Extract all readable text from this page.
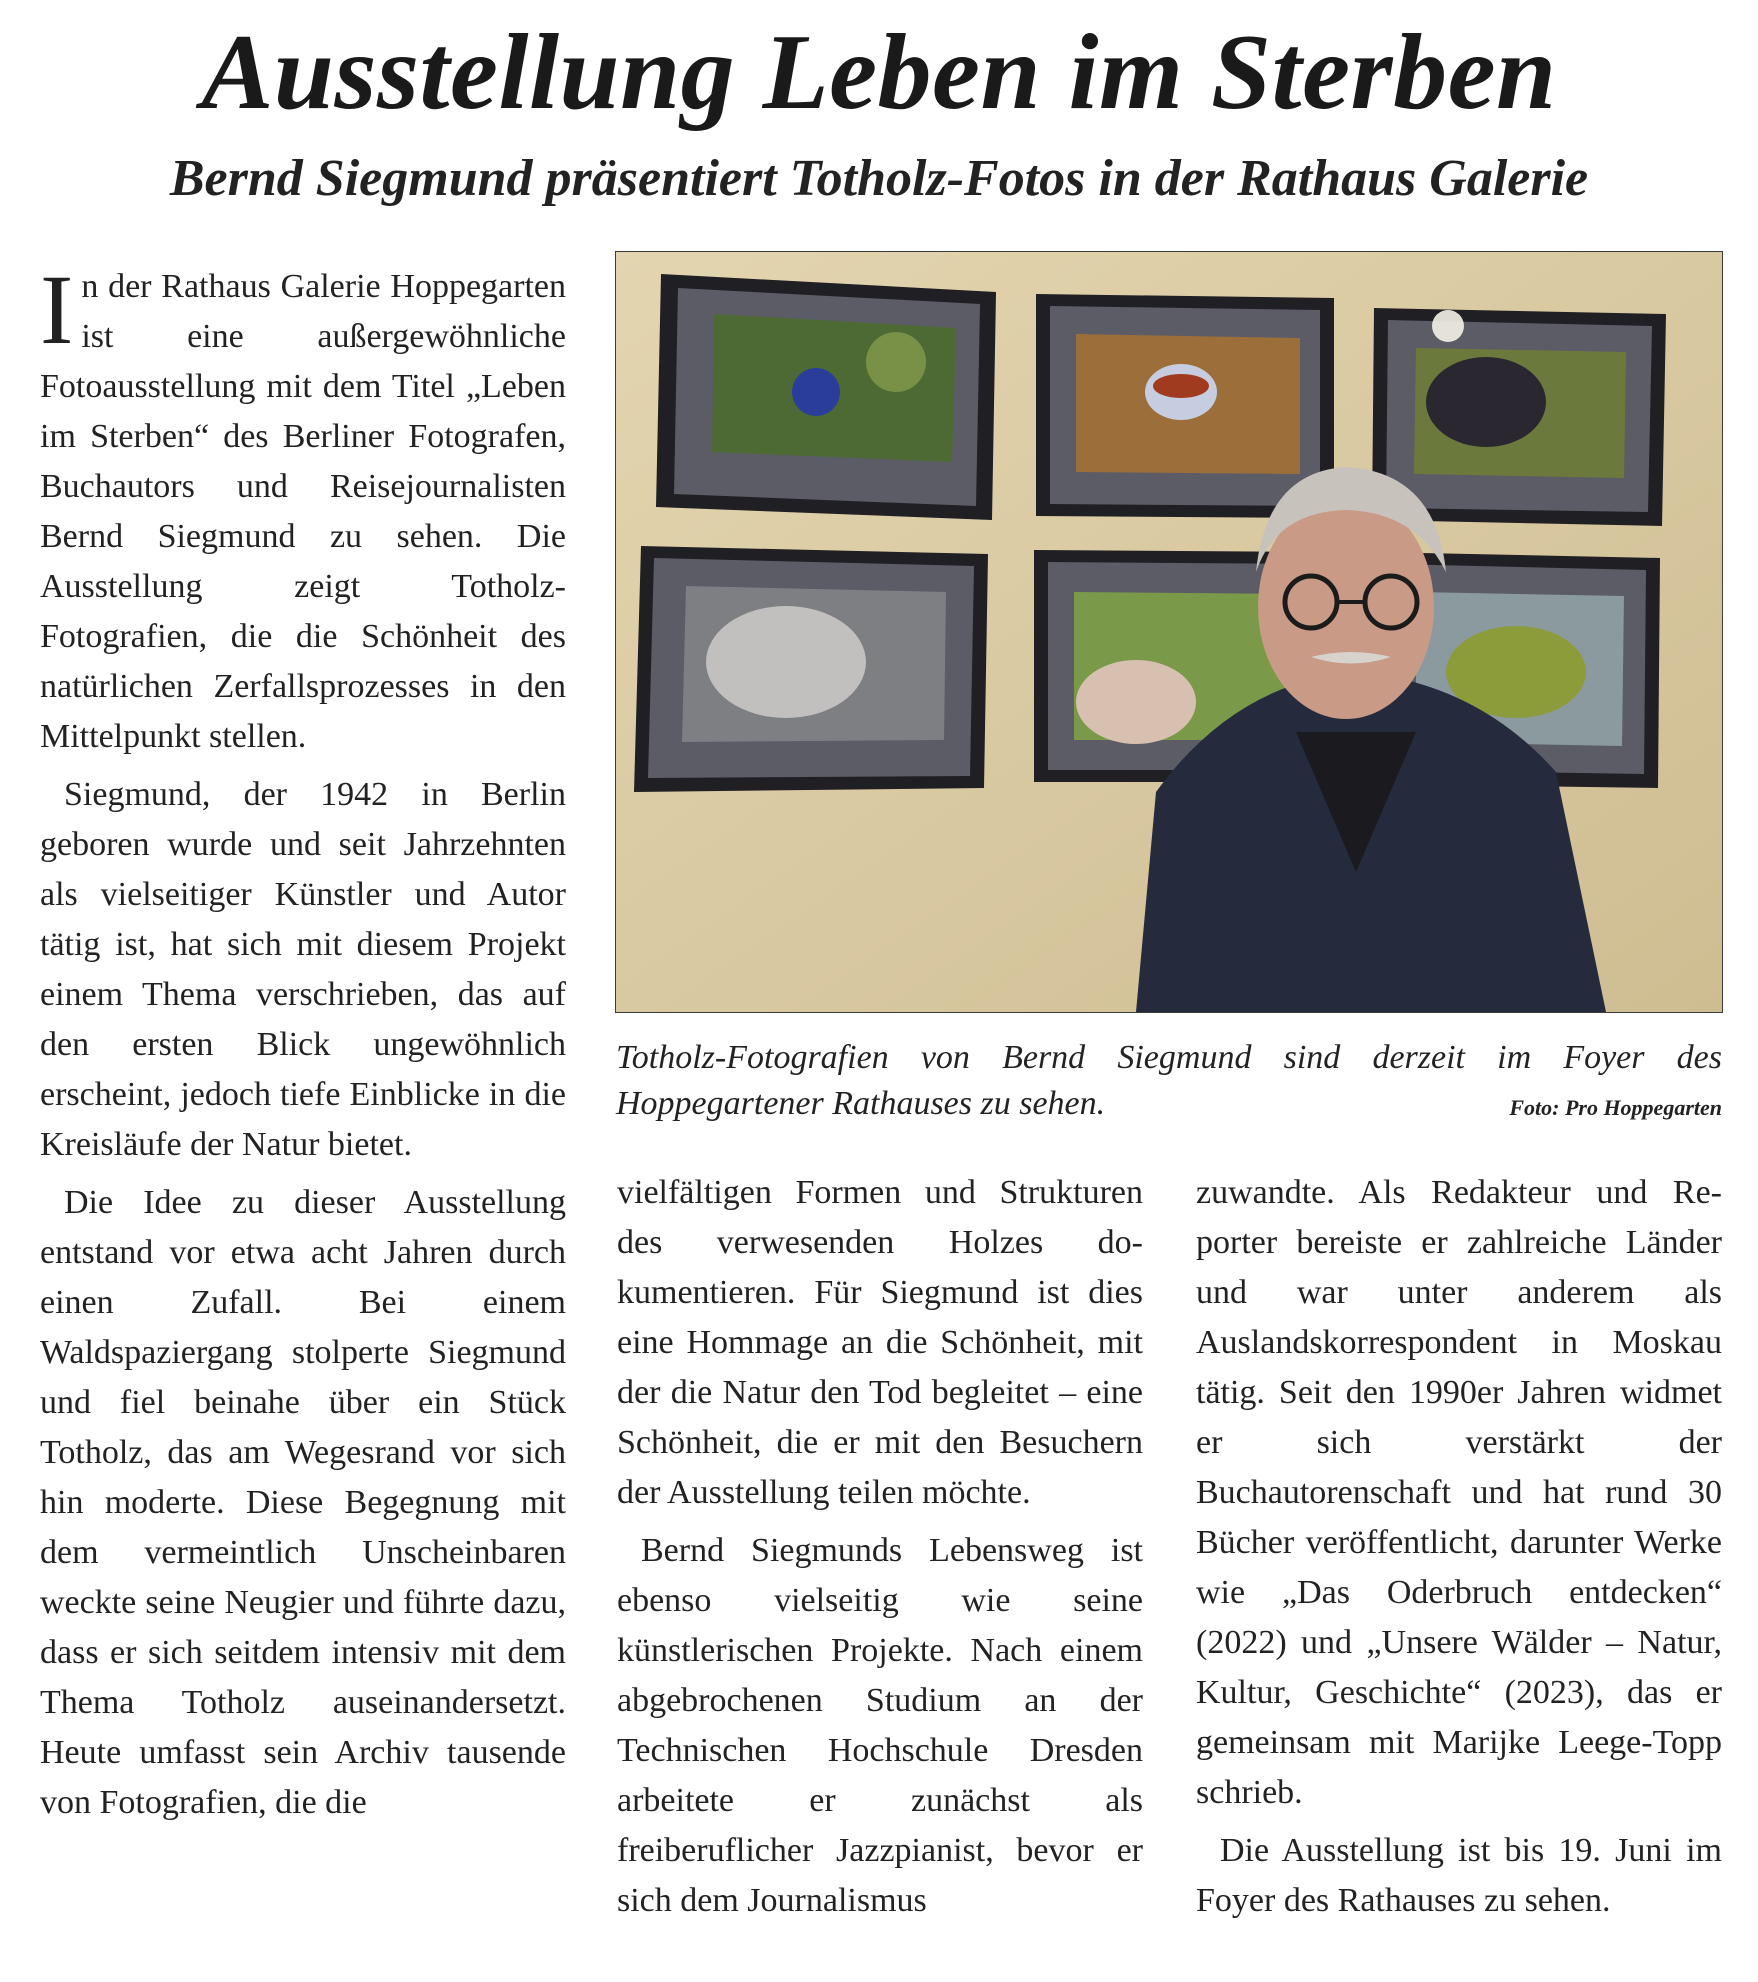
Ausstellung Leben im Sterben
Bernd Siegmund präsentiert Totholz-Fotos in der Rathaus Galerie

In der Rathaus Galerie Hoppegarten ist eine außergewöhnliche Fotoausstellung mit dem Titel „Leben im Sterben“ des Berliner Fotografen, Buchautors und Reisejournalisten Bernd Siegmund zu sehen. Die Ausstellung zeigt Totholz-Fotografien, die die Schönheit des natürlichen Zerfallsprozesses in den Mittelpunkt stellen.

Siegmund, der 1942 in Berlin geboren wurde und seit Jahrzehnten als vielseitiger Künstler und Autor tätig ist, hat sich mit diesem Projekt einem Thema verschrieben, das auf den ersten Blick ungewöhnlich erscheint, jedoch tiefe Einblicke in die Kreisläufe der Natur bietet.

Die Idee zu dieser Ausstellung entstand vor etwa acht Jahren durch einen Zufall. Bei einem Waldspaziergang stolperte Siegmund und fiel beinahe über ein Stück Totholz, das am Wegesrand vor sich hin moderte. Diese Begegnung mit dem vermeintlich Unscheinbaren weckte seine Neugier und führte dazu, dass er sich seitdem intensiv mit dem Thema Totholz auseinandersetzt. Heute umfasst sein Archiv tausende von Fotografien, die die

Totholz-Fotografien von Bernd Siegmund sind derzeit im Foyer des Hoppegartener Rathauses zu sehen.	Foto: Pro Hoppegarten

vielfältigen Formen und Strukturen des verwesenden Holzes dokumentieren. Für Siegmund ist dies eine Hommage an die Schönheit, mit der die Natur den Tod begleitet – eine Schönheit, die er mit den Besuchern der Ausstellung teilen möchte.

Bernd Siegmunds Lebensweg ist ebenso vielseitig wie seine künstlerischen Projekte. Nach einem abgebrochenen Studium an der Technischen Hochschule Dresden arbeitete er zunächst als freiberuflicher Jazzpianist, bevor er sich dem Journalismus

zuwandte. Als Redakteur und Reporter bereiste er zahlreiche Länder und war unter anderem als Auslandskorrespondent in Moskau tätig. Seit den 1990er Jahren widmet er sich verstärkt der Buchautorenschaft und hat rund 30 Bücher veröffentlicht, darunter Werke wie „Das Oderbruch entdecken“ (2022) und „Unsere Wälder – Natur, Kultur, Geschichte“ (2023), das er gemeinsam mit Marijke Leege-Topp schrieb.

Die Ausstellung ist bis 19. Juni im Foyer des Rathauses zu sehen.
